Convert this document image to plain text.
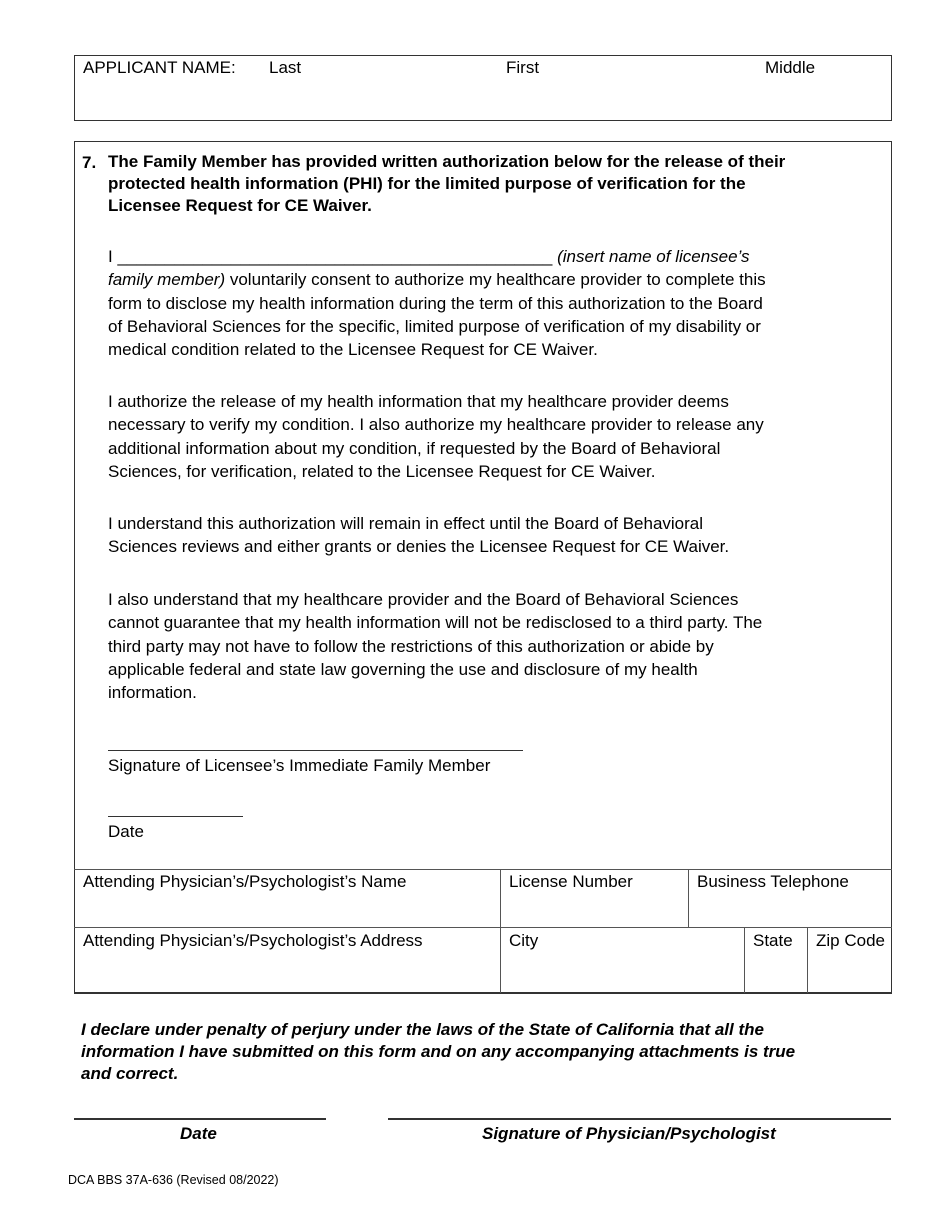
APPLICANT NAME: Last	First	Middle
7. The Family Member has provided written authorization below for the release of their
protected health information (PHI) for the limited purpose of verification for the
Licensee Request for CE Waiver.
I ______________________________________________ (insert name of licensee’s
family member) voluntarily consent to authorize my healthcare provider to complete this
form to disclose my health information during the term of this authorization to the Board
of Behavioral Sciences for the specific, limited purpose of verification of my disability or
medical condition related to the Licensee Request for CE Waiver.
I authorize the release of my health information that my healthcare provider deems
necessary to verify my condition. I also authorize my healthcare provider to release any
additional information about my condition, if requested by the Board of Behavioral
Sciences, for verification, related to the Licensee Request for CE Waiver.
I understand this authorization will remain in effect until the Board of Behavioral
Sciences reviews and either grants or denies the Licensee Request for CE Waiver.
I also understand that my healthcare provider and the Board of Behavioral Sciences
cannot guarantee that my health information will not be redisclosed to a third party. The
third party may not have to follow the restrictions of this authorization or abide by
applicable federal and state law governing the use and disclosure of my health
information.
Signature of Licensee’s Immediate Family Member
Date
Attending Physician’s/Psychologist’s Name	License Number	Business Telephone
Attending Physician’s/Psychologist’s Address	City	State Zip Code
I declare under penalty of perjury under the laws of the State of California that all the
information I have submitted on this form and on any accompanying attachments is true
and correct.
Date	Signature of Physician/Psychologist
DCA BBS 37A-636 (Revised 08/2022)
